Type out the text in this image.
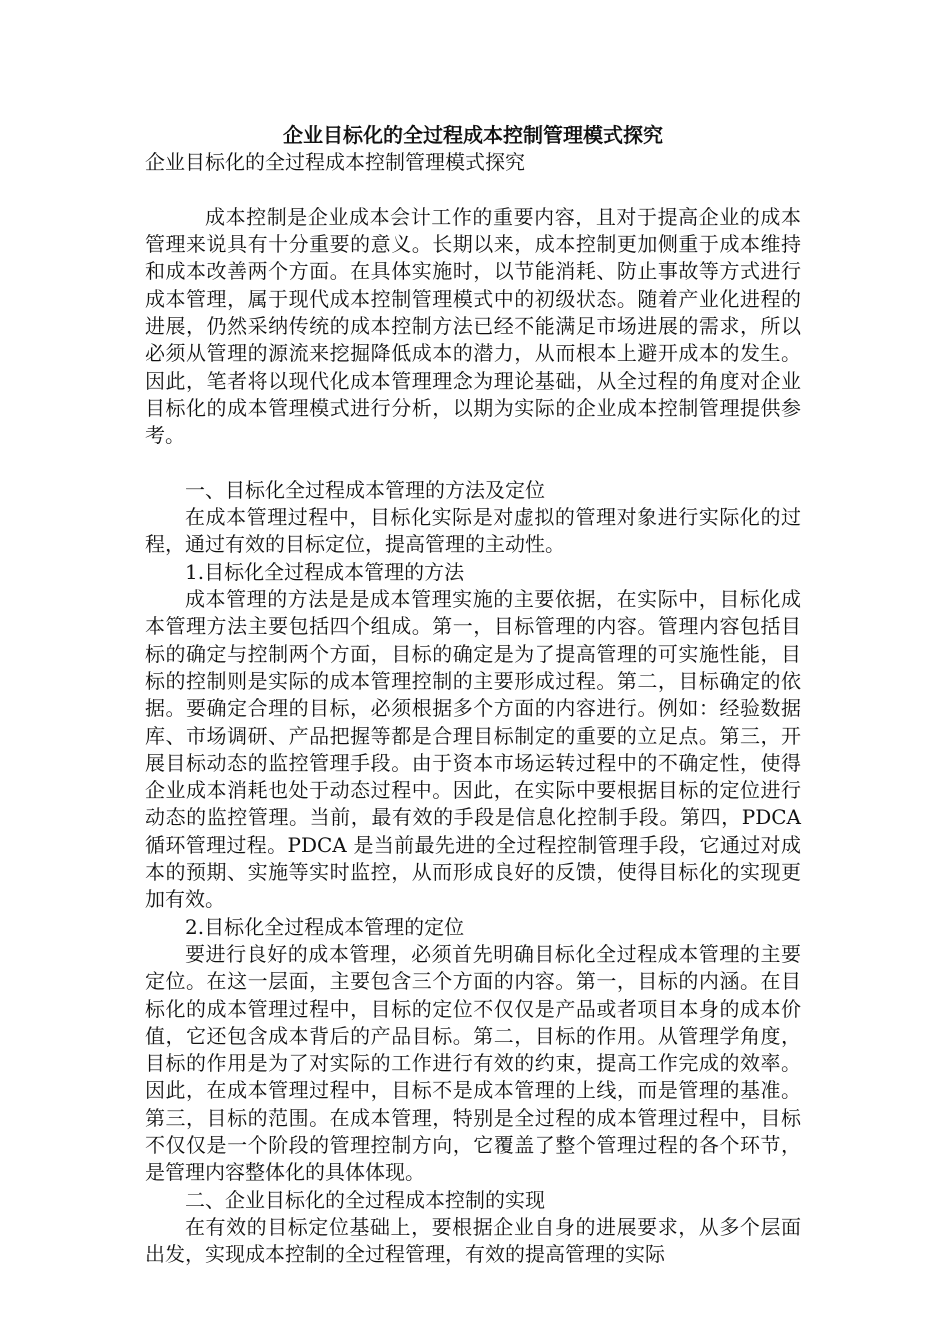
企业目标化的全过程成本控制管理模式探究

企业目标化的全过程成本控制管理模式探究

成本控制是企业成本会计工作的重要内容，且对于提高企业的成本管理来说具有十分重要的意义。长期以来，成本控制更加侧重于成本维持和成本改善两个方面。在具体实施时，以节能消耗、防止事故等方式进行成本管理，属于现代成本控制管理模式中的初级状态。随着产业化进程的进展，仍然采纳传统的成本控制方法已经不能满足市场进展的需求，所以必须从管理的源流来挖掘降低成本的潜力，从而根本上避开成本的发生。因此，笔者将以现代化成本管理理念为理论基础，从全过程的角度对企业目标化的成本管理模式进行分析，以期为实际的企业成本控制管理提供参考。

一、目标化全过程成本管理的方法及定位

在成本管理过程中，目标化实际是对虚拟的管理对象进行实际化的过程，通过有效的目标定位，提高管理的主动性。

1.目标化全过程成本管理的方法

成本管理的方法是是成本管理实施的主要依据，在实际中，目标化成本管理方法主要包括四个组成。第一，目标管理的内容。管理内容包括目标的确定与控制两个方面，目标的确定是为了提高管理的可实施性能，目标的控制则是实际的成本管理控制的主要形成过程。第二，目标确定的依据。要确定合理的目标，必须根据多个方面的内容进行。例如：经验数据库、市场调研、产品把握等都是合理目标制定的重要的立足点。第三，开展目标动态的监控管理手段。由于资本市场运转过程中的不确定性，使得企业成本消耗也处于动态过程中。因此，在实际中要根据目标的定位进行动态的监控管理。当前，最有效的手段是信息化控制手段。第四，PDCA 循环管理过程。PDCA 是当前最先进的全过程控制管理手段，它通过对成本的预期、实施等实时监控，从而形成良好的反馈，使得目标化的实现更加有效。

2.目标化全过程成本管理的定位

要进行良好的成本管理，必须首先明确目标化全过程成本管理的主要定位。在这一层面，主要包含三个方面的内容。第一，目标的内涵。在目标化的成本管理过程中，目标的定位不仅仅是产品或者项目本身的成本价值，它还包含成本背后的产品目标。第二，目标的作用。从管理学角度，目标的作用是为了对实际的工作进行有效的约束，提高工作完成的效率。因此，在成本管理过程中，目标不是成本管理的上线，而是管理的基准。第三，目标的范围。在成本管理，特别是全过程的成本管理过程中，目标不仅仅是一个阶段的管理控制方向，它覆盖了整个管理过程的各个环节，是管理内容整体化的具体体现。

二、企业目标化的全过程成本控制的实现

在有效的目标定位基础上，要根据企业自身的进展要求，从多个层面出发，实现成本控制的全过程管理，有效的提高管理的实际
